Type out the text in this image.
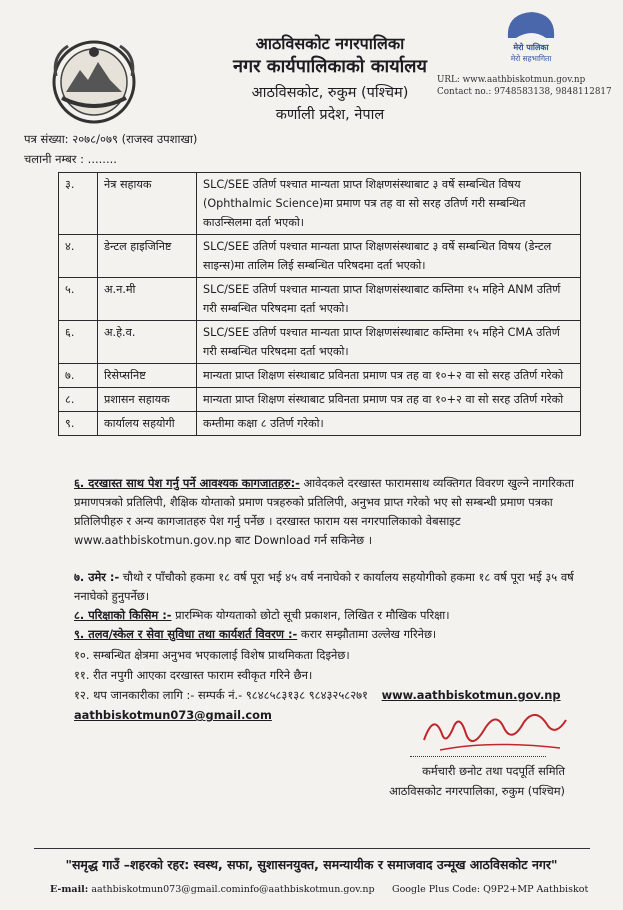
आठविसकोट नगरपालिका
नगर कार्यपालिकाको कार्यालय
आठविसकोट, रुकुम (पश्चिम)
कर्णाली प्रदेश, नेपाल
मेरो पालिका
मेरो सहभागिता
URL: www.aathbiskotmun.gov.np
Contact no.: 9748583138, 9848112817
पत्र संख्या: २०७८/०७९ (राजस्व उपशाखा)
चलानी नम्बर : ........
३.	नेत्र सहायक	SLC/SEE उतिर्ण पश्चात मान्यता प्राप्त शिक्षणसंस्थाबाट ३ वर्षे सम्बन्धित विषय (Ophthalmic Science)मा प्रमाण पत्र तह वा सो सरह उतिर्ण गरी सम्बन्धित काउन्सिलमा दर्ता भएको।
४.	डेन्टल हाइजिनिष्ट	SLC/SEE उतिर्ण पश्चात मान्यता प्राप्त शिक्षणसंस्थाबाट ३ वर्षे सम्बन्धित विषय (डेन्टल साइन्स)मा तालिम लिई सम्बन्धित परिषदमा दर्ता भएको।
५.	अ.न.मी	SLC/SEE उतिर्ण पश्चात मान्यता प्राप्त शिक्षणसंस्थाबाट कम्तिमा १५ महिने ANM उतिर्ण गरी सम्बन्धित परिषदमा दर्ता भएको।
६.	अ.हे.व.	SLC/SEE उतिर्ण पश्चात मान्यता प्राप्त शिक्षणसंस्थाबाट कम्तिमा १५ महिने CMA उतिर्ण गरी सम्बन्धित परिषदमा दर्ता भएको।
७.	रिसेप्सनिष्ट	मान्यता प्राप्त शिक्षण संस्थाबाट प्रविनता प्रमाण पत्र तह वा १०+२ वा सो सरह उतिर्ण गरेको
८.	प्रशासन सहायक	मान्यता प्राप्त शिक्षण संस्थाबाट प्रविनता प्रमाण पत्र तह वा १०+२ वा सो सरह उतिर्ण गरेको
९.	कार्यालय सहयोगी	कम्तीमा कक्षा ८ उतिर्ण गरेको।
६. दरखास्त साथ पेश गर्नु पर्ने आवश्यक कागजातहरु:- आवेदकले दरखास्त फारामसाथ व्यक्तिगत विवरण खुल्ने नागरिकता प्रमाणपत्रको प्रतिलिपी, शैक्षिक योग्ताको प्रमाण पत्रहरुको प्रतिलिपी, अनुभव प्राप्त गरेको भए सो सम्बन्धी प्रमाण पत्रका प्रतिलिपीहरु र अन्य कागजातहरु पेश गर्नु पर्नेछ । दरखास्त फाराम यस नगरपालिकाको वेबसाइट www.aathbiskotmun.gov.np बाट Download गर्न सकिनेछ ।
७. उमेर :- चौथो र पाँचौको हकमा १८ वर्ष पूरा भई ४५ वर्ष ननाघेको र कार्यालय सहयोगीको हकमा १८ वर्ष पूरा भई ३५ वर्ष ननाघेको हुनुपर्नेछ।
८. परिक्षाको किसिम :- प्रारम्भिक योग्यताको छोटो सूची प्रकाशन, लिखित र मौखिक परिक्षा।
९. तलव/स्केल र सेवा सुविधा तथा कार्यशर्त विवरण :- करार सम्झौतामा उल्लेख गरिनेछ।
१०. सम्बन्धित क्षेत्रमा अनुभव भएकालाई विशेष प्राथमिकता दिइनेछ।
११. रीत नपुगी आएका दरखास्त फाराम स्वीकृत गरिने छैन।
१२. थप जानकारीका लागि :- सम्पर्क नं.- ९८४८५८३१३८ ९८४३२५८२७१ www.aathbiskotmun.gov.np
aathbiskotmun073@gmail.com
कर्मचारी छनोट तथा पदपूर्ति समिति
आठविसकोट नगरपालिका, रुकुम (पश्चिम)
"समृद्ध गाउँ –शहरको रहर: स्वस्थ, सफा, सुशासनयुक्त, समन्यायीक र समाजवाद उन्मूख आठविसकोट नगर"
E-mail: aathbiskotmun073@gmail.cominfo@aathbiskotmun.gov.np Google Plus Code: Q9P2+MP Aathbiskot
